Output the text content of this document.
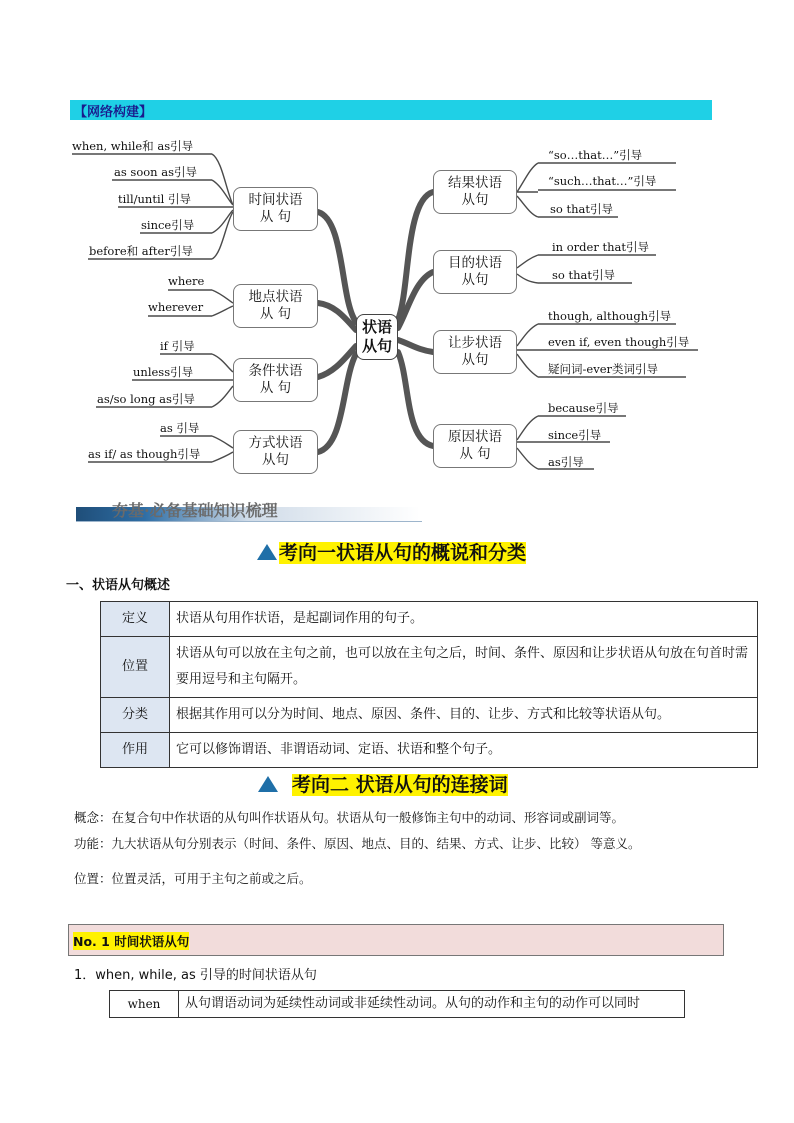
【网络构建】
状语
从句
时间状语
从 句
地点状语
从 句
条件状语
从 句
方式状语
从句
when, while和 as引导
as soon as引导
till/until 引导
since引导
before和 after引导
where
wherever
if 引导
unless引导
as/so long as引导
as 引导
as if/ as though引导
结果状语
从句
目的状语
从句
让步状语
从句
原因状语
从 句
“so…that…”引导
“such…that…”引导
so that引导
in order that引导
so that引导
though, although引导
even if, even though引导
疑问词-ever类词引导
because引导
since引导
as引导
夯基·必备基础知识梳理
考向一状语从句的概说和分类
一、状语从句概述
定义	状语从句用作状语，是起副词作用的句子。
位置	状语从句可以放在主句之前，也可以放在主句之后，时间、条件、原因和让步状语从句放在句首时需要用逗号和主句隔开。
分类	根据其作用可以分为时间、地点、原因、条件、目的、让步、方式和比较等状语从句。
作用	它可以修饰谓语、非谓语动词、定语、状语和整个句子。
考向二 状语从句的连接词
概念：在复合句中作状语的从句叫作状语从句。状语从句一般修饰主句中的动词、形容词或副词等。
功能：九大状语从句分别表示（时间、条件、原因、地点、目的、结果、方式、让步、比较） 等意义。
位置：位置灵活，可用于主句之前或之后。
No. 1 时间状语从句
1．when, while, as 引导的时间状语从句
when	从句谓语动词为延续性动词或非延续性动词。从句的动作和主句的动作可以同时
